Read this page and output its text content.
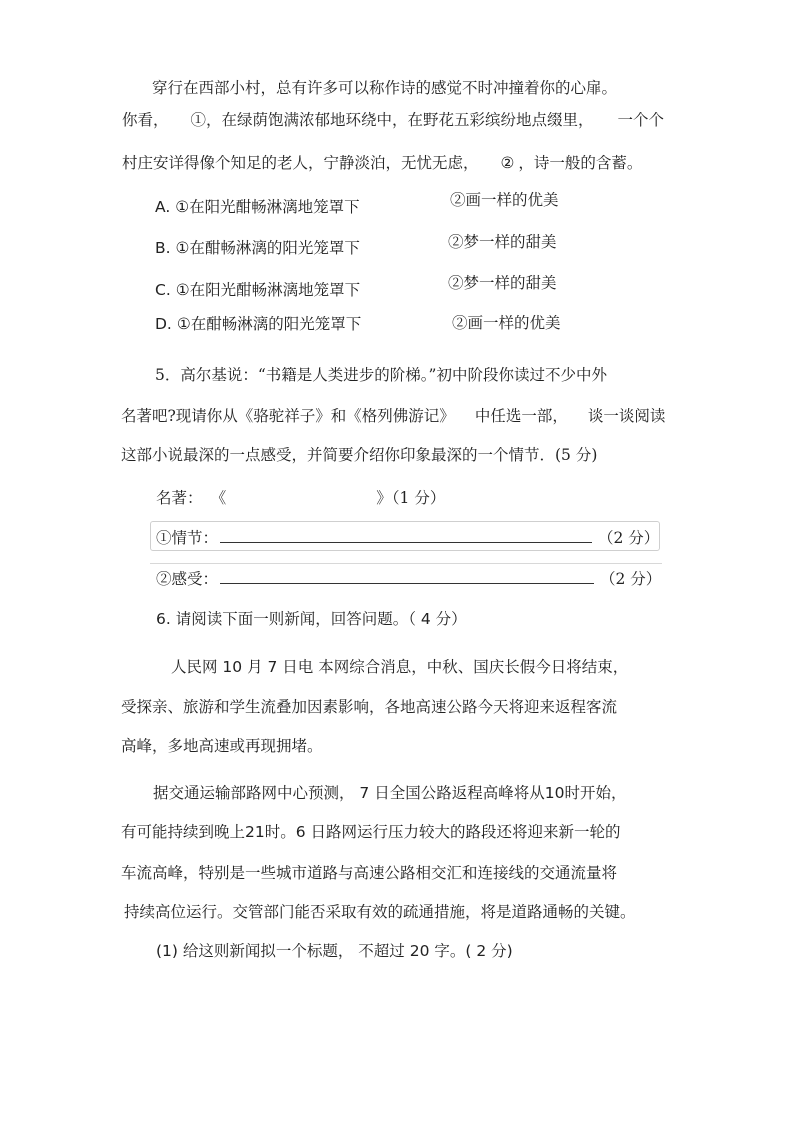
穿行在西部小村，总有许多可以称作诗的感觉不时冲撞着你的心扉。
你看， ①，在绿荫饱满浓郁地环绕中，在野花五彩缤纷地点缀里， 一个个
村庄安详得像个知足的老人，宁静淡泊，无忧无虑， ② ，诗一般的含蓄。
A. ①在阳光酣畅淋漓地笼罩下	②画一样的优美
B. ①在酣畅淋漓的阳光笼罩下	②梦一样的甜美
C. ①在阳光酣畅淋漓地笼罩下	②梦一样的甜美
D. ①在酣畅淋漓的阳光笼罩下	②画一样的优美
5．高尔基说：“书籍是人类进步的阶梯。”初中阶段你读过不少中外
名著吧?现请你从《骆驼祥子》和《格列佛游记》 中任选一部， 谈一谈阅读
这部小说最深的一点感受，并简要介绍你印象最深的一个情节．(5 分)
名著： 《	》（1 分）
①情节：	（2 分）
②感受：	（2 分）
6. 请阅读下面一则新闻，回答问题。（ 4 分）
人民网 10 月 7 日电 本网综合消息，中秋、国庆长假今日将结束，
受探亲、旅游和学生流叠加因素影响，各地高速公路今天将迎来返程客流
高峰，多地高速或再现拥堵。
据交通运输部路网中心预测， 7 日全国公路返程高峰将从10时开始，
有可能持续到晚上21时。6 日路网运行压力较大的路段还将迎来新一轮的
车流高峰，特别是一些城市道路与高速公路相交汇和连接线的交通流量将
持续高位运行。交管部门能否采取有效的疏通措施，将是道路通畅的关键。
(1) 给这则新闻拟一个标题， 不超过 20 字。( 2 分)
